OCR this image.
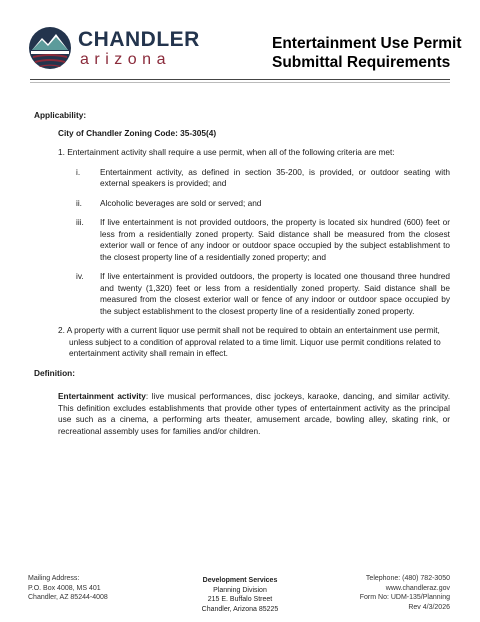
CHANDLER
arizona
Entertainment Use Permit
Submittal Requirements
Applicability:
City of Chandler Zoning Code: 35-305(4)
1. Entertainment activity shall require a use permit, when all of the following criteria are met:
i.	Entertainment activity, as defined in section 35-200, is provided, or outdoor seating with external speakers is provided; and
ii.	Alcoholic beverages are sold or served; and
iii.	If live entertainment is not provided outdoors, the property is located six hundred (600) feet or less from a residentially zoned property. Said distance shall be measured from the closest exterior wall or fence of any indoor or outdoor space occupied by the subject establishment to the closest property line of a residentially zoned property; and
iv.	If live entertainment is provided outdoors, the property is located one thousand three hundred and twenty (1,320) feet or less from a residentially zoned property. Said distance shall be measured from the closest exterior wall or fence of any indoor or outdoor space occupied by the subject establishment to the closest property line of a residentially zoned property.
2. A property with a current liquor use permit shall not be required to obtain an entertainment use permit, unless subject to a condition of approval related to a time limit. Liquor use permit conditions related to entertainment activity shall remain in effect.
Definition:
Entertainment activity: live musical performances, disc jockeys, karaoke, dancing, and similar activity. This definition excludes establishments that provide other types of entertainment activity as the principal use such as a cinema, a performing arts theater, amusement arcade, bowling alley, skating rink, or recreational assembly uses for families and/or children.
Mailing Address:
P.O. Box 4008, MS 401
Chandler, AZ 85244-4008
Development Services
Planning Division
215 E. Buffalo Street
Chandler, Arizona 85225
Telephone: (480) 782-3050
www.chandleraz.gov
Form No: UDM-135/Planning
Rev 4/3/2026
